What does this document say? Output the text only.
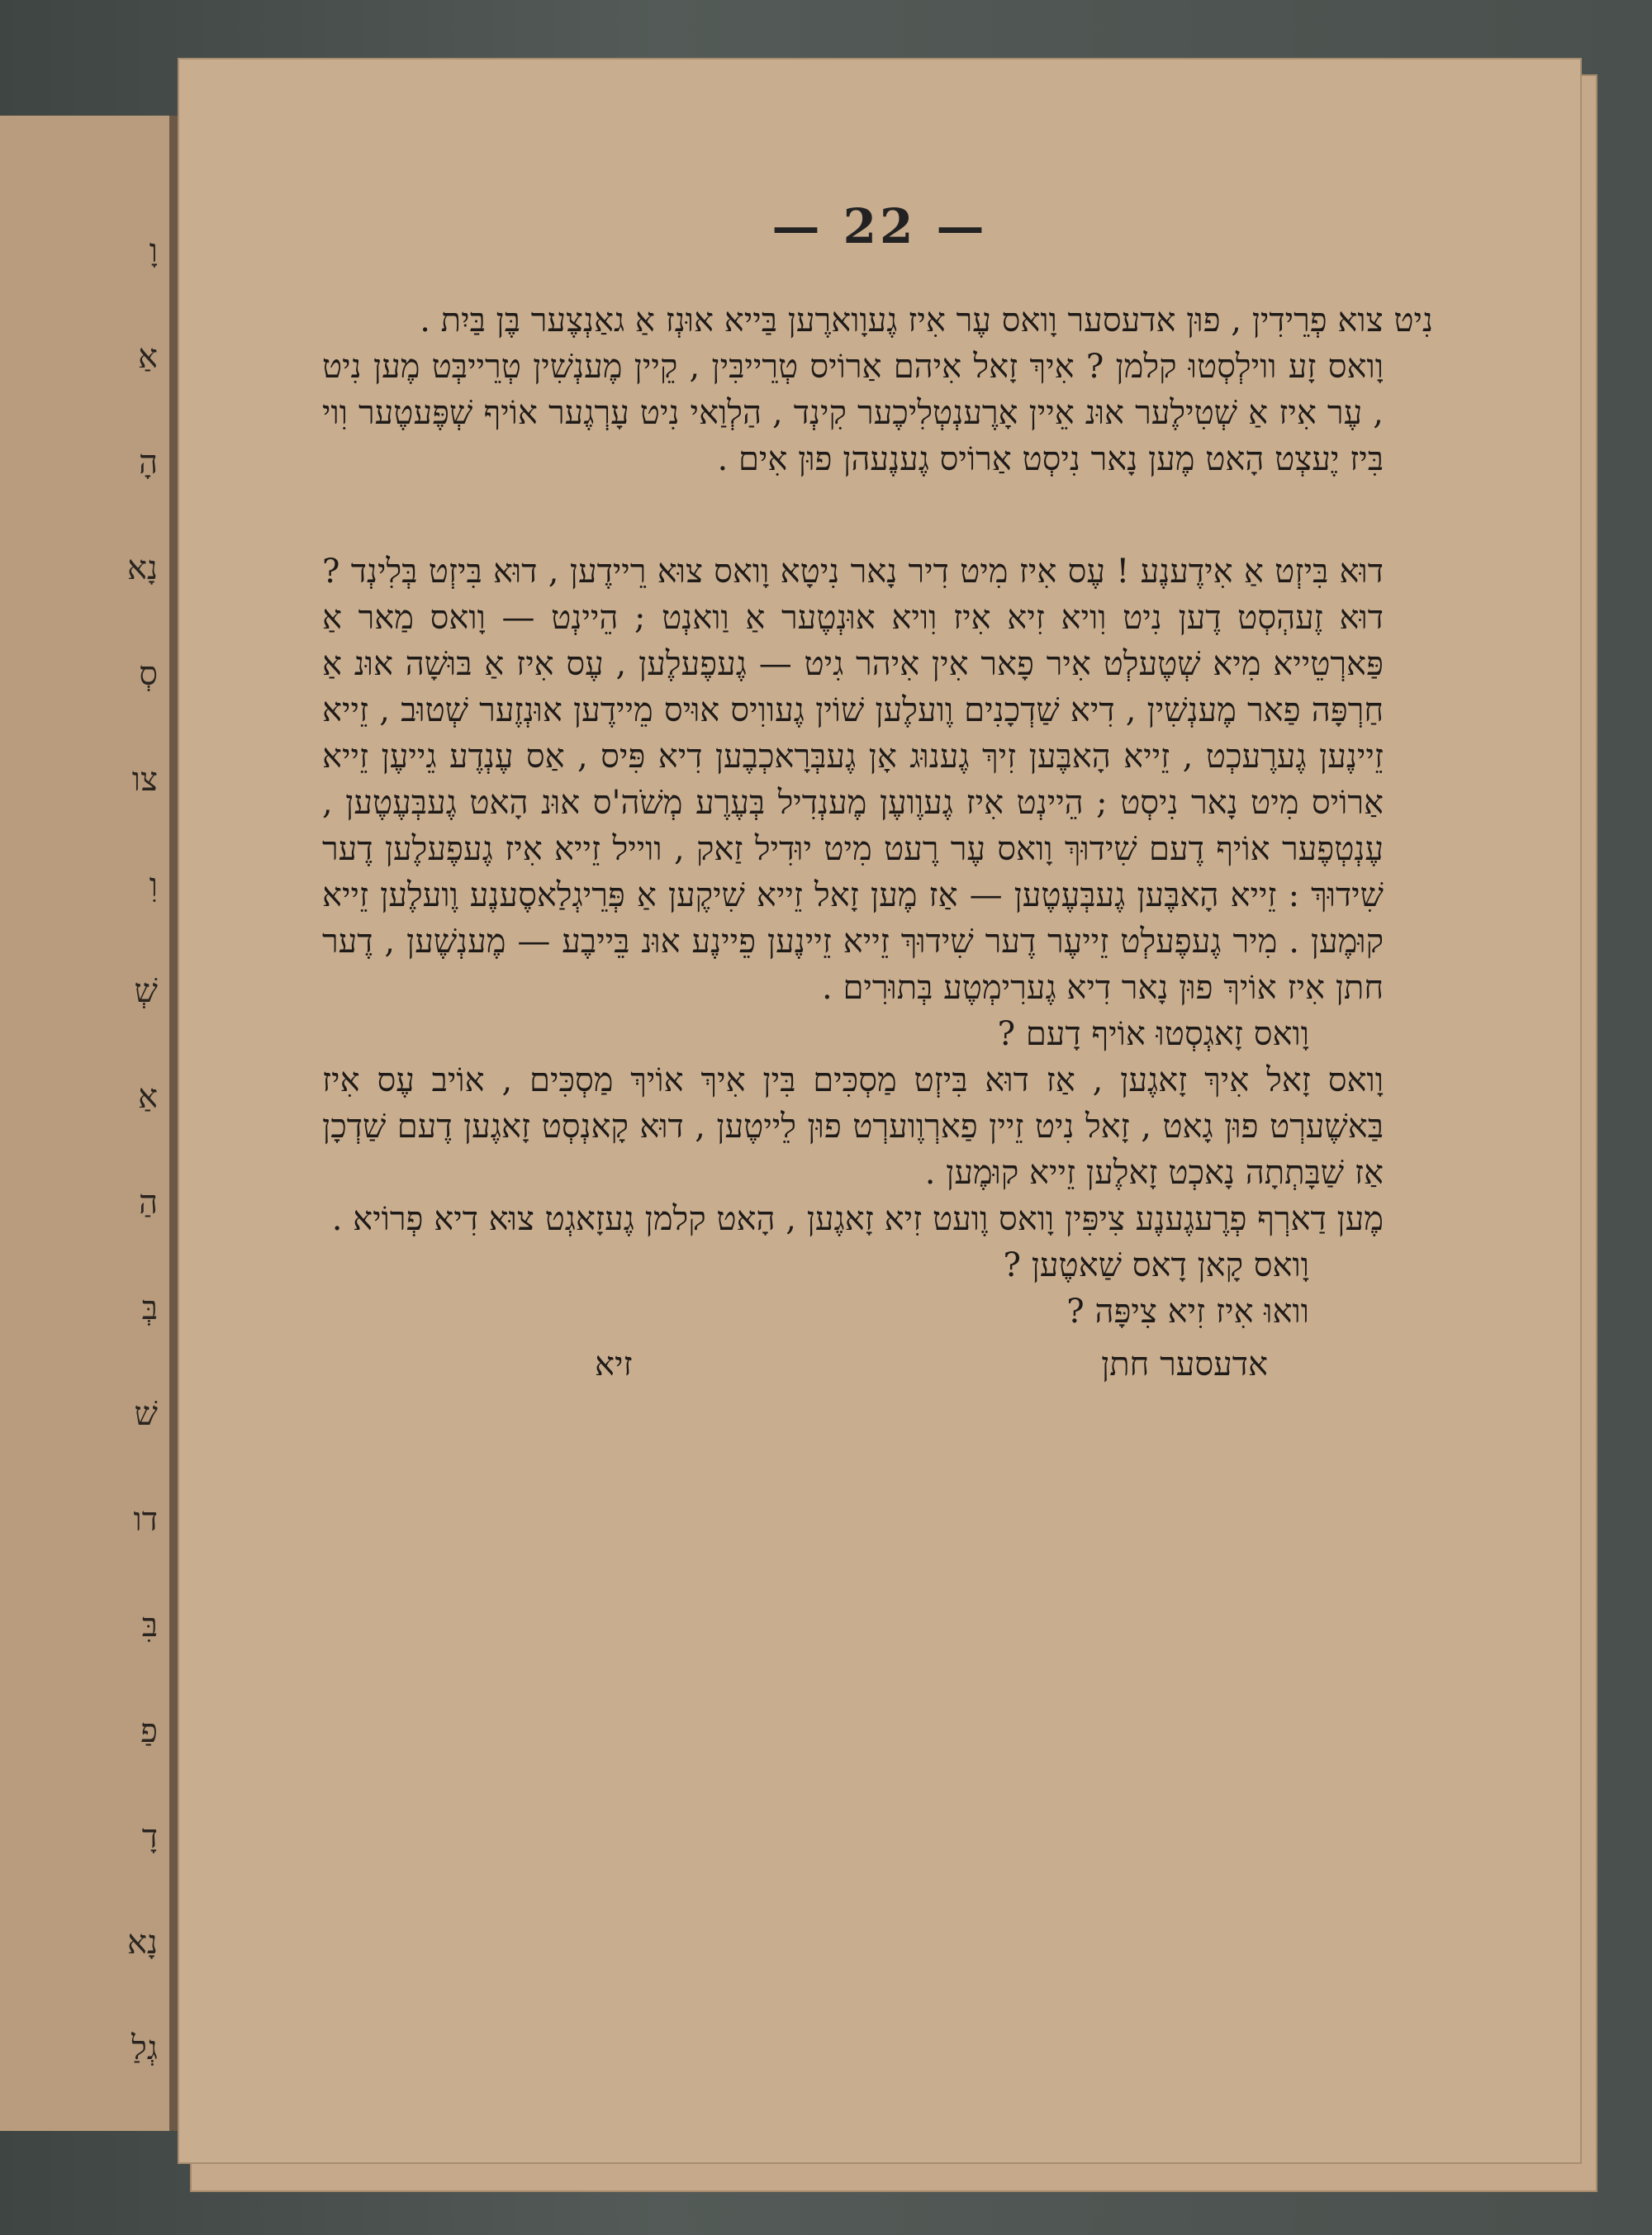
וָ
אַ
הָ
נָא
סְ
צו
וִ
שְׁ
אַ
הַ
בְּ
שׁ
דו
בִּ
פַ
דָ
נָא
גְלַ
— 22 —

נִיט צוא פְרֵידִין , פוּן אדעסער וָואס עֶר אִיז גֶעוָוארֶען בַּייא אוּנְז אַ גאַנְצֶער בֶּן בַּיִת .

וָואס זָע ווילְסְטוּ קלמן ? אִיךְ זָאל אִיהם אַרוֹיס טְרֵייבִּין , קֵיין מֶענְשִׁין טְרֵייבְּט מֶען נִיט , עֶר אִיז אַ שְׁטִילֶער אוּנ אֵיין אָרֶענְטְלִיכֶער קִינְד , הַלְוַאי נִיט עָרְגֶער אוֹיף שְׁפֶּעטֶער וִוי בִּיז יֶעצְט הָאט מֶען נָאר נִיסְט אַרוֹיס גֶענֶעהן פוּן אִים .

דוּא בִּיזְט אַ אִידֶענֶע ! עֶס אִיז מִיט דִיר נָאר נִיטָא וָואס צוּא רֵיידֶען , דוּא בִּיזְט בְּלִינְד ? דוּא זֶעהְסְט דֶען נִיט וִויא זִיא אִיז וִויא אוּנְטֶער אַ וַואנְט ; הֵיינְט — וָואס מַאר אַ פַּארְטֵייא מִיא שְׁטֶעלְט אִיר פָאר אִין אִיהר גִיט — גֶעפֶעלֶען , עֶס אִיז אַ בּוּשָׁה אוּנ אַ חַרְפָּה פַאר מֶענְשִׁין , דִיא שַׁדְכָנִים וֶועלֶען שׁוֹין גֶעווִיס אוּיס מֵיידֶען אוּנְזֶער שְׁטוּב , זֵייא זֵיינֶען גֶערֶעכְט , זֵייא הָאבֶּען זִיךְ גֶענוּג אָן גֶעבְּרָאכְבֶען דִיא פִּיס , אַס עֶנְדֶע גֵייעֶן זֵייא אַרוֹיס מִיט נָאר נִיסְט ; הֵיינְט אִיז גֶעוֶועֶן מֶענְדִיל בְּעֶרֶע מְשֹׁה'ס אוּנ הָאט גֶעבְּעֶטֶען , עֶנְטְפֶער אוֹיף דֶעם שִׁידוּךְ וָואס עֶר רֶעט מִיט יוּדִיל זַאק , ווייל זֵייא אִיז גֶעפֶעלֶען דֶער שִׁידוּךְ : זֵייא הָאבֶּען גֶעבְּעֶטֶען — אַז מֶען זָאל זֵייא שִׁיקֶען אַ פְּרֵיגְלַאסֶענֶע וֶועלֶען זֵייא קוּמֶען . מִיר גֶעפֶעלְט זֵייעֶר דֶער שִׁידוּךְ זֵייא זֵיינֶען פֵיינֶע אוּנ בֵּייבֶע — מֶענְשֶׁען , דֶער חתן אִיז אוֹיךְ פוּן נָאר דִיא גֶערִימְטֶע בְּתוּרִים .

וָואס זָאגְסְטוּ אוֹיף דָעם ?

וָואס זָאל אִיךְ זָאגֶען , אַז דוּא בִּיזְט מַסְכִּים בִּין אִיךְ אוֹיךְ מַסְכִּים , אוֹיב עֶס אִיז בַּאשֶׁערְט פוּן גָאט , זָאל נִיט זֵיין פַארְוֶוערְט פוּן לֵייטֶען , דוּא קָאנְסְט זָאגֶען דֶעם שַׁדְכָן אַז שַׁבָּתְתָה נָאכְט זָאלֶען זֵייא קוּמֶען .

מֶען דַארְף פְרֶעגֶענֶע צִיפִּין וָואס וֶועט זִיא זָאגֶען , הָאט קלמן גֶעזָאגְט צוּא דִיא פְרוֹיא .

וָואס קָאן דָאס שַׁאטֶען ?

וואוּ אִיז זִיא צִיפָּה ?

אדעסער חתן
זיא
